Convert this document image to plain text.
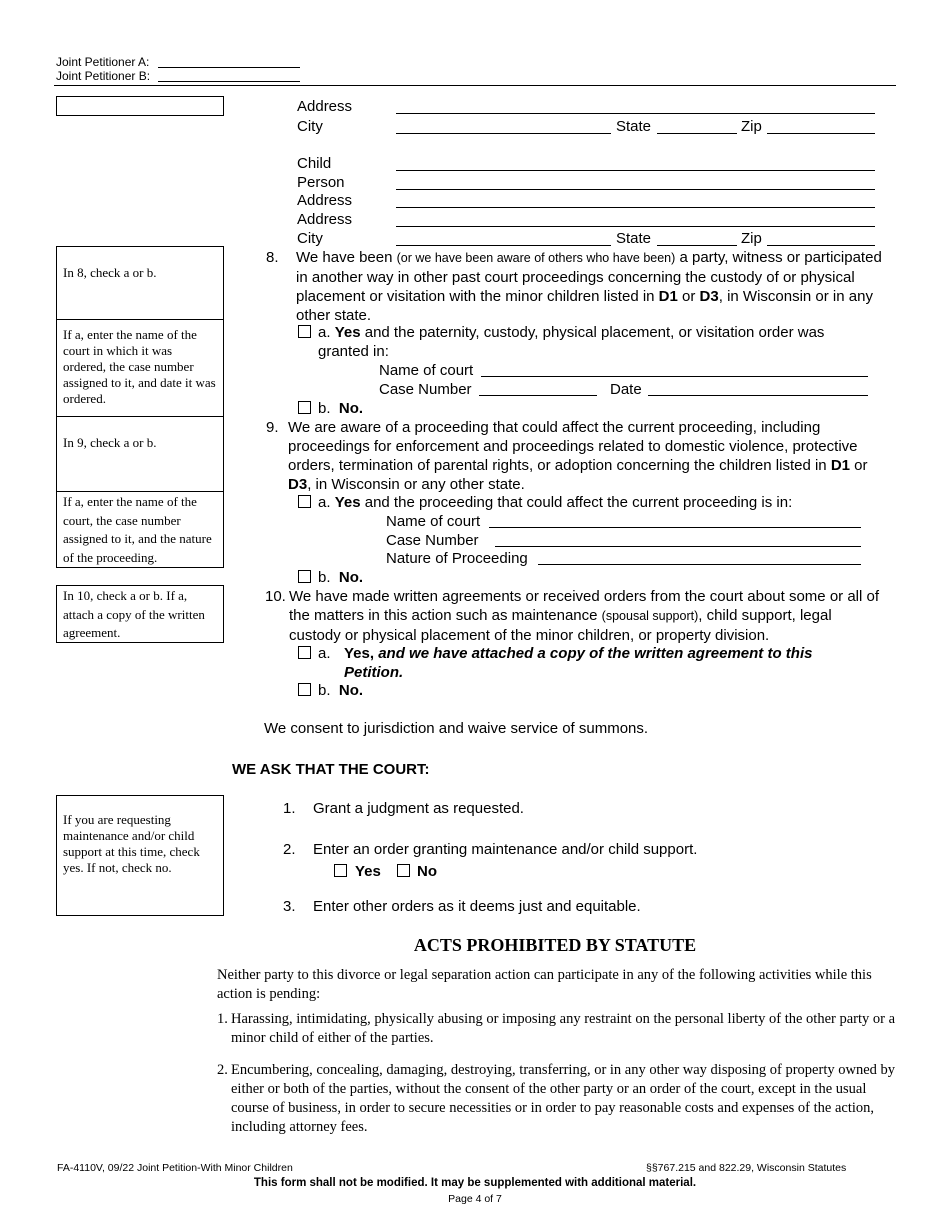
Joint Petitioner A:
Joint Petitioner B:
Address
City	State	Zip
Child
Person
Address
Address
City	State	Zip
In 8, check a or b.
If a, enter the name of the court in which it was ordered, the case number assigned to it, and date it was ordered.
In 9, check a or b.
If a, enter the name of the court, the case number assigned to it, and the nature of the proceeding.
In 10, check a or b. If a, attach a copy of the written agreement.
If you are requesting maintenance and/or child support at this time, check yes. If not, check no.
8. We have been (or we have been aware of others who have been) a party, witness or participated in another way in other past court proceedings concerning the custody of or physical placement or visitation with the minor children listed in D1 or D3, in Wisconsin or in any other state.
a. Yes and the paternity, custody, physical placement, or visitation order was granted in:
Name of court
Case Number	Date
b. No.
9. We are aware of a proceeding that could affect the current proceeding, including proceedings for enforcement and proceedings related to domestic violence, protective orders, termination of parental rights, or adoption concerning the children listed in D1 or D3, in Wisconsin or any other state.
a. Yes and the proceeding that could affect the current proceeding is in:
Name of court
Case Number
Nature of Proceeding
b. No.
10. We have made written agreements or received orders from the court about some or all of the matters in this action such as maintenance (spousal support), child support, legal custody or physical placement of the minor children, or property division.
a. Yes, and we have attached a copy of the written agreement to this Petition.
b. No.
We consent to jurisdiction and waive service of summons.
WE ASK THAT THE COURT:
1. Grant a judgment as requested.
2. Enter an order granting maintenance and/or child support.
Yes No
3. Enter other orders as it deems just and equitable.
ACTS PROHIBITED BY STATUTE
Neither party to this divorce or legal separation action can participate in any of the following activities while this action is pending:
1. Harassing, intimidating, physically abusing or imposing any restraint on the personal liberty of the other party or a minor child of either of the parties.
2. Encumbering, concealing, damaging, destroying, transferring, or in any other way disposing of property owned by either or both of the parties, without the consent of the other party or an order of the court, except in the usual course of business, in order to secure necessities or in order to pay reasonable costs and expenses of the action, including attorney fees.
FA-4110V, 09/22 Joint Petition-With Minor Children	§§767.215 and 822.29, Wisconsin Statutes
This form shall not be modified. It may be supplemented with additional material.
Page 4 of 7
